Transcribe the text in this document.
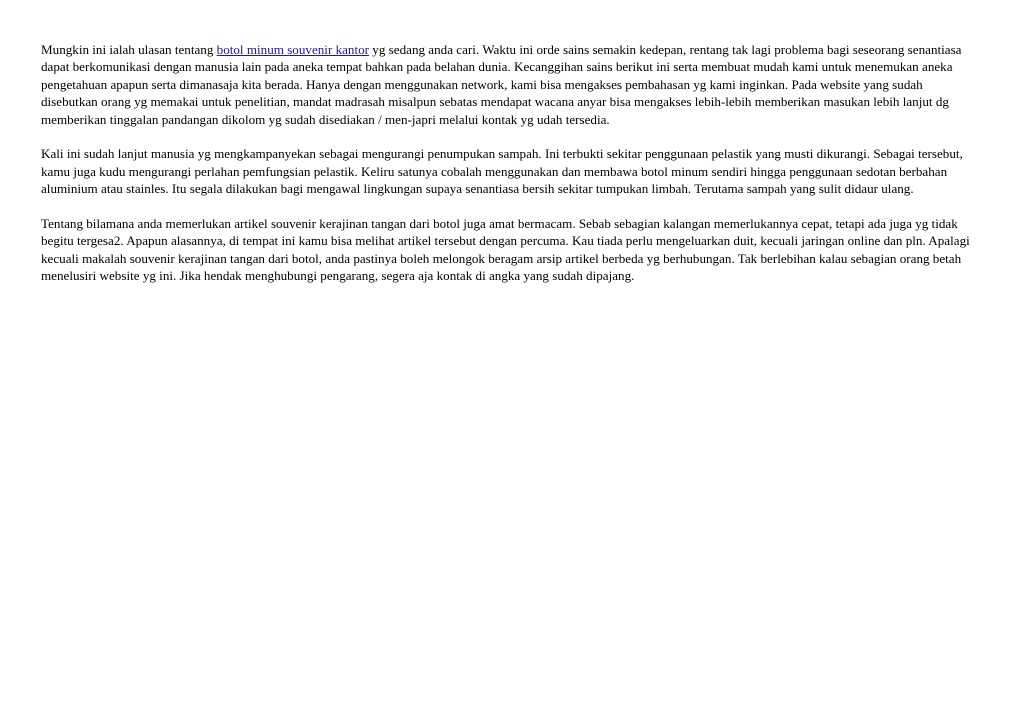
Mungkin ini ialah ulasan tentang botol minum souvenir kantor yg sedang anda cari. Waktu ini orde sains semakin kedepan, rentang tak lagi problema bagi seseorang senantiasa dapat berkomunikasi dengan manusia lain pada aneka tempat bahkan pada belahan dunia. Kecanggihan sains berikut ini serta membuat mudah kami untuk menemukan aneka pengetahuan apapun serta dimanasaja kita berada. Hanya dengan menggunakan network, kami bisa mengakses pembahasan yg kami inginkan. Pada website yang sudah disebutkan orang yg memakai untuk penelitian, mandat madrasah misalpun sebatas mendapat wacana anyar bisa mengakses lebih-lebih memberikan masukan lebih lanjut dg memberikan tinggalan pandangan dikolom yg sudah disediakan / men-japri melalui kontak yg udah tersedia.

Kali ini sudah lanjut manusia yg mengkampanyekan sebagai mengurangi penumpukan sampah. Ini terbukti sekitar penggunaan pelastik yang musti dikurangi. Sebagai tersebut, kamu juga kudu mengurangi perlahan pemfungsian pelastik. Keliru satunya cobalah menggunakan dan membawa botol minum sendiri hingga penggunaan sedotan berbahan aluminium atau stainles. Itu segala dilakukan bagi mengawal lingkungan supaya senantiasa bersih sekitar tumpukan limbah. Terutama sampah yang sulit didaur ulang.

Tentang bilamana anda memerlukan artikel souvenir kerajinan tangan dari botol juga amat bermacam. Sebab sebagian kalangan memerlukannya cepat, tetapi ada juga yg tidak begitu tergesa2. Apapun alasannya, di tempat ini kamu bisa melihat artikel tersebut dengan percuma. Kau tiada perlu mengeluarkan duit, kecuali jaringan online dan pln. Apalagi kecuali makalah souvenir kerajinan tangan dari botol, anda pastinya boleh melongok beragam arsip artikel berbeda yg berhubungan. Tak berlebihan kalau sebagian orang betah menelusiri website yg ini. Jika hendak menghubungi pengarang, segera aja kontak di angka yang sudah dipajang.
